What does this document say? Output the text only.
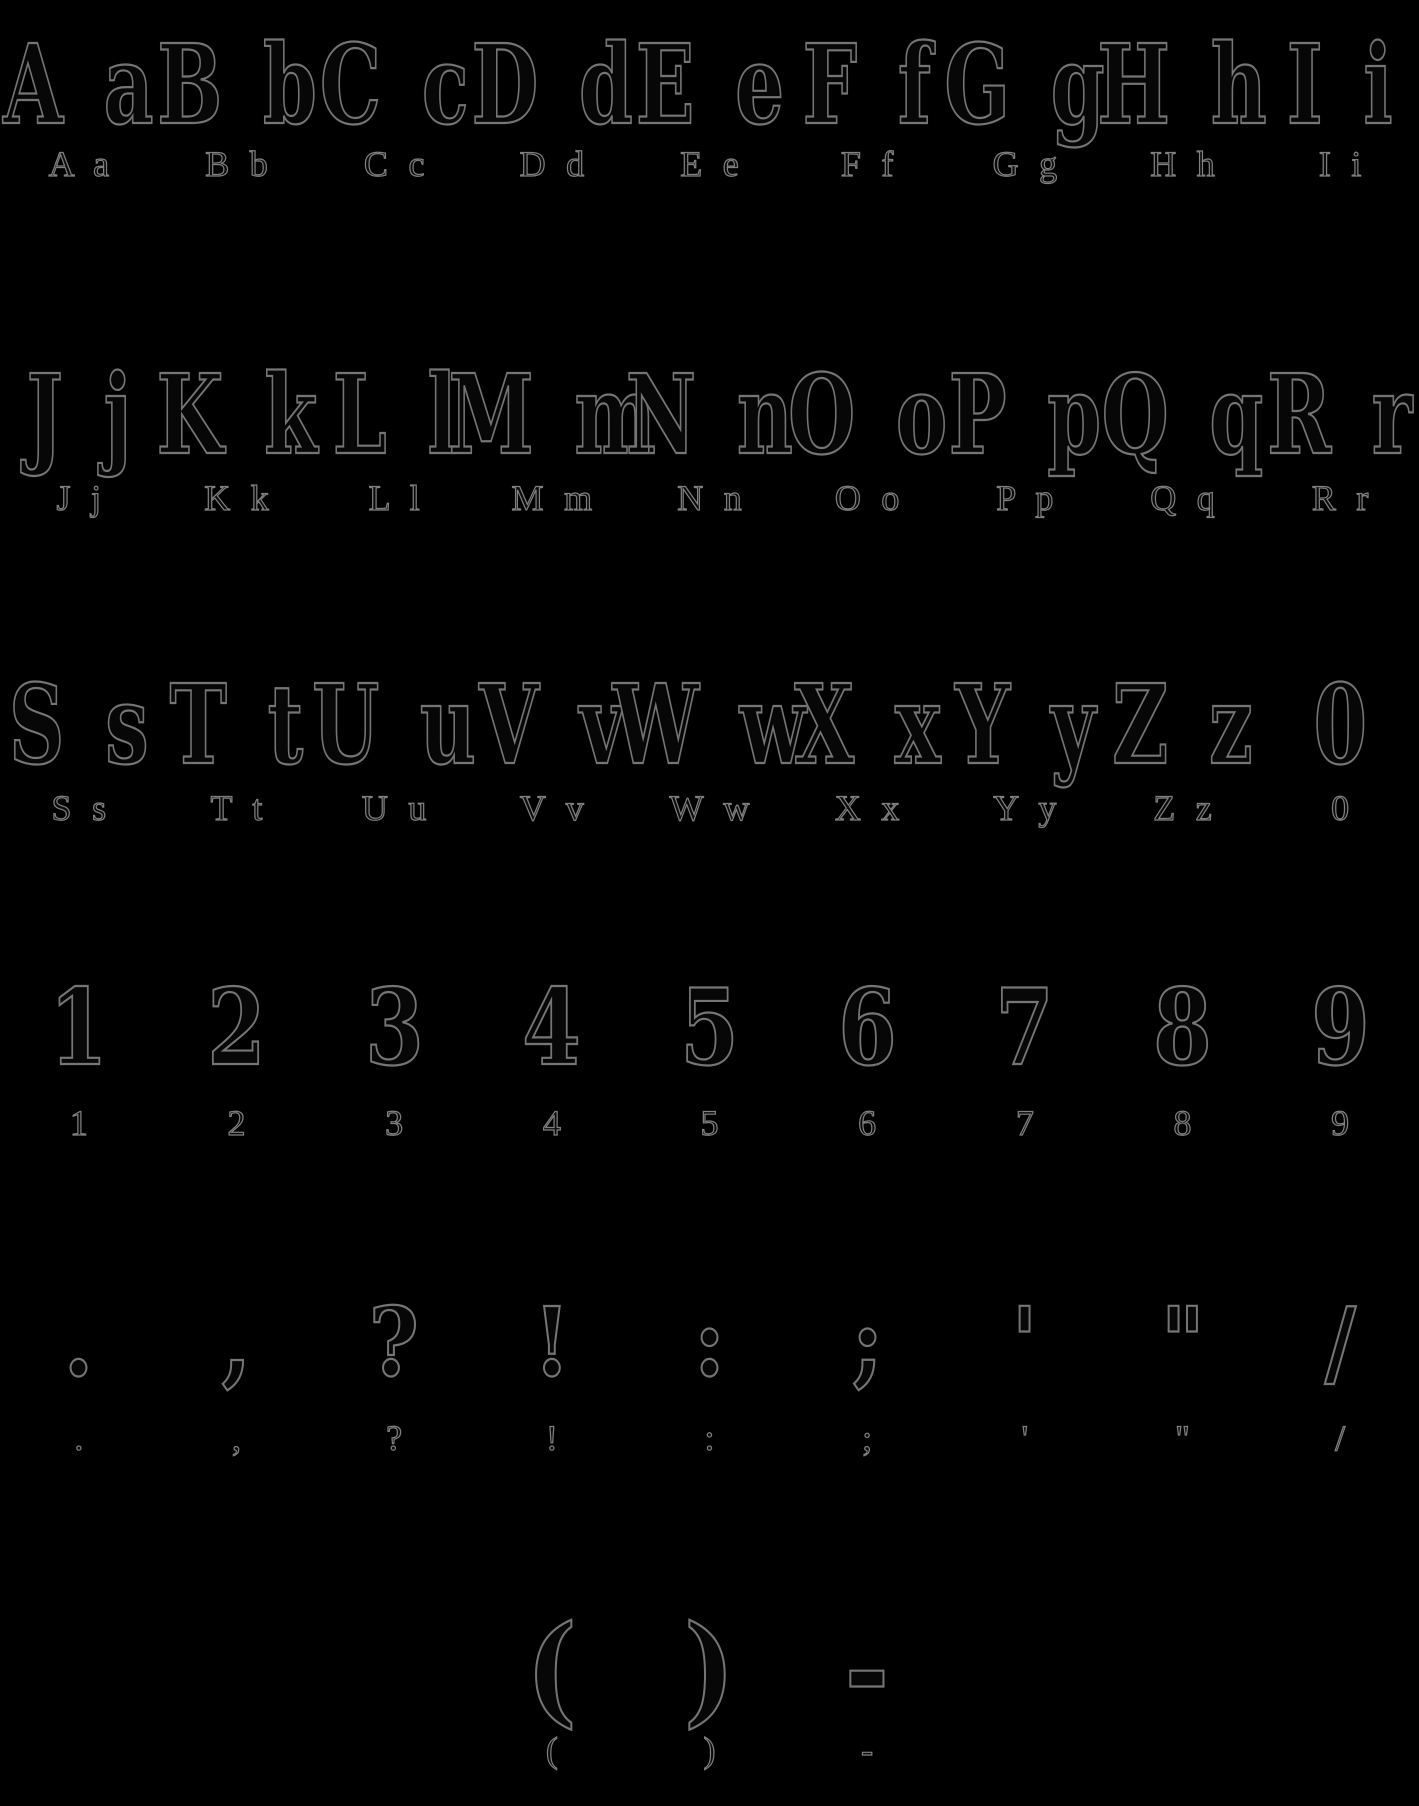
A a
A a
B b
B b
C c
C c
D d
D d
E e
E e
F f
F f
G g
G g
H h
H h
I i
I i
J j
J j
K k
K k
L l
L l
M m
M m
N n
N n
O o
O o
P p
P p
Q q
Q q
R r
R r
S s
S s
T t
T t
U u
U u
V v
V v
W w
W w
X x
X x
Y y
Y y
Z z
Z z
0
0
1
1
2
2
3
3
4
4
5
5
6
6
7
7
8
8
9
9
.
.
,
,
?
?
!
!
:
:
;
;
'
'
"
"
/
/
(
(
)
)
-
-
